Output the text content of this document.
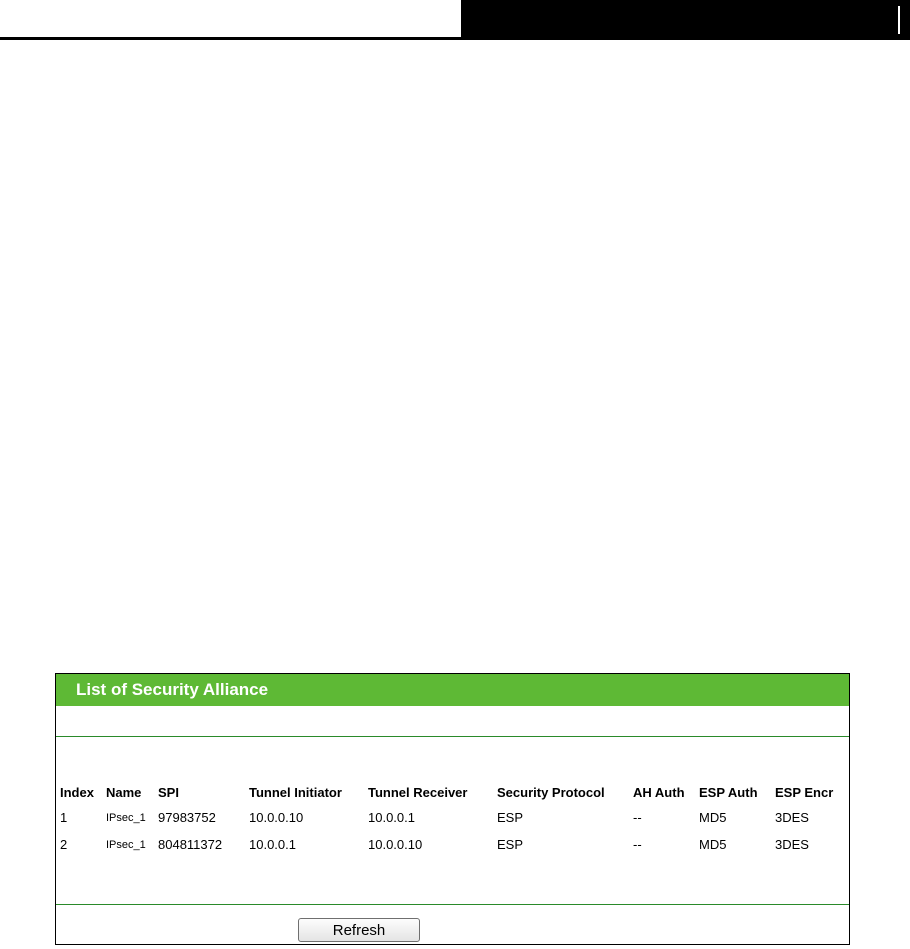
List of Security Alliance
Index	Name	SPI	Tunnel Initiator	Tunnel Receiver	Security Protocol	AH Auth	ESP Auth	ESP Encr
1	IPsec_1	97983752	10.0.0.10	10.0.0.1	ESP	--	MD5	3DES
2	IPsec_1	804811372	10.0.0.1	10.0.0.10	ESP	--	MD5	3DES
Refresh
